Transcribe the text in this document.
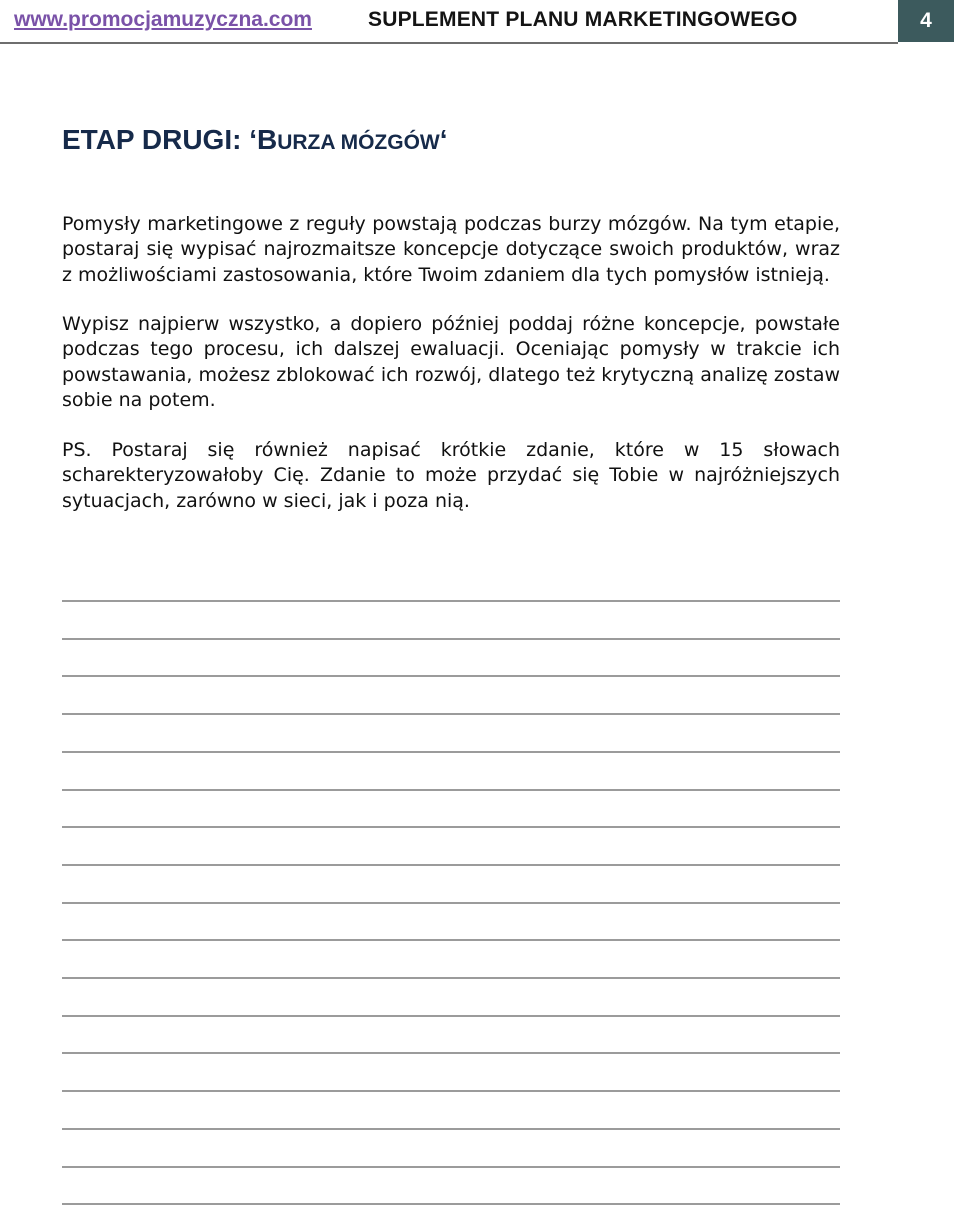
www.promocjamuzyczna.com	SUPLEMENT PLANU MARKETINGOWEGO	4
ETAP DRUGI: ‘BURZA MÓZGÓW‘

Pomysły marketingowe z reguły powstają podczas burzy mózgów. Na tym etapie, postaraj się wypisać najrozmaitsze koncepcje dotyczące swoich produktów, wraz z możliwościami zastosowania, które Twoim zdaniem dla tych pomysłów istnieją.

Wypisz najpierw wszystko, a dopiero później poddaj różne koncepcje, powstałe podczas tego procesu, ich dalszej ewaluacji. Oceniając pomysły w trakcie ich powstawania, możesz zblokować ich rozwój, dlatego też krytyczną analizę zostaw sobie na potem.

PS. Postaraj się również napisać krótkie zdanie, które w 15 słowach scharekteryzowałoby Cię. Zdanie to może przydać się Tobie w najróżniejszych sytuacjach, zarówno w sieci, jak i poza nią.
